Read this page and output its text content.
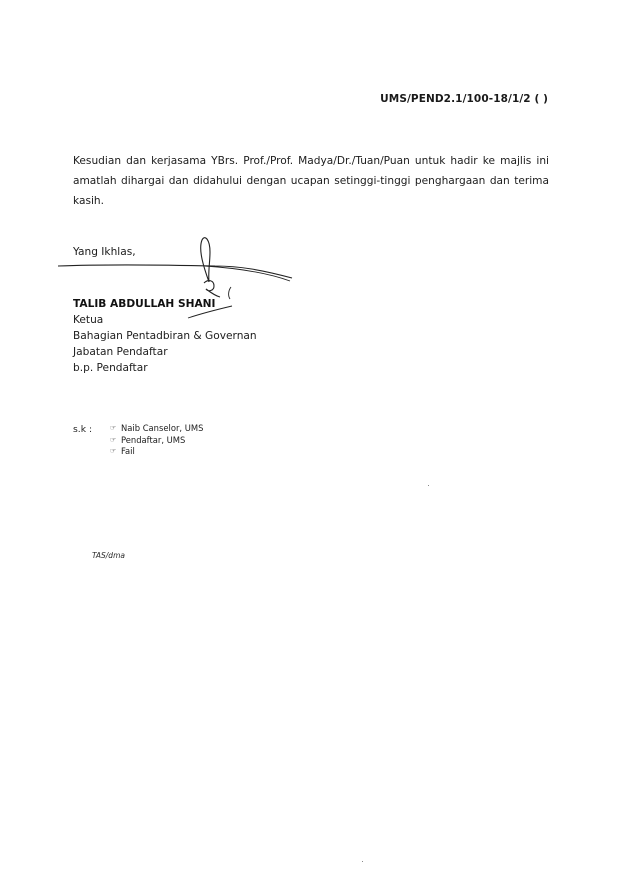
UMS/PEND2.1/100-18/1/2 ( )
Kesudian dan kerjasama YBrs. Prof./Prof. Madya/Dr./Tuan/Puan untuk hadir ke majlis ini amatlah dihargai dan didahului dengan ucapan setinggi-tinggi penghargaan dan terima kasih.
Yang Ikhlas,
TALIB ABDULLAH SHANI
Ketua
Bahagian Pentadbiran & Governan
Jabatan Pendaftar
b.p. Pendaftar
s.k :	☞ Naib Canselor, UMS
☞ Pendaftar, UMS
☞ Fail
TAS/dma
